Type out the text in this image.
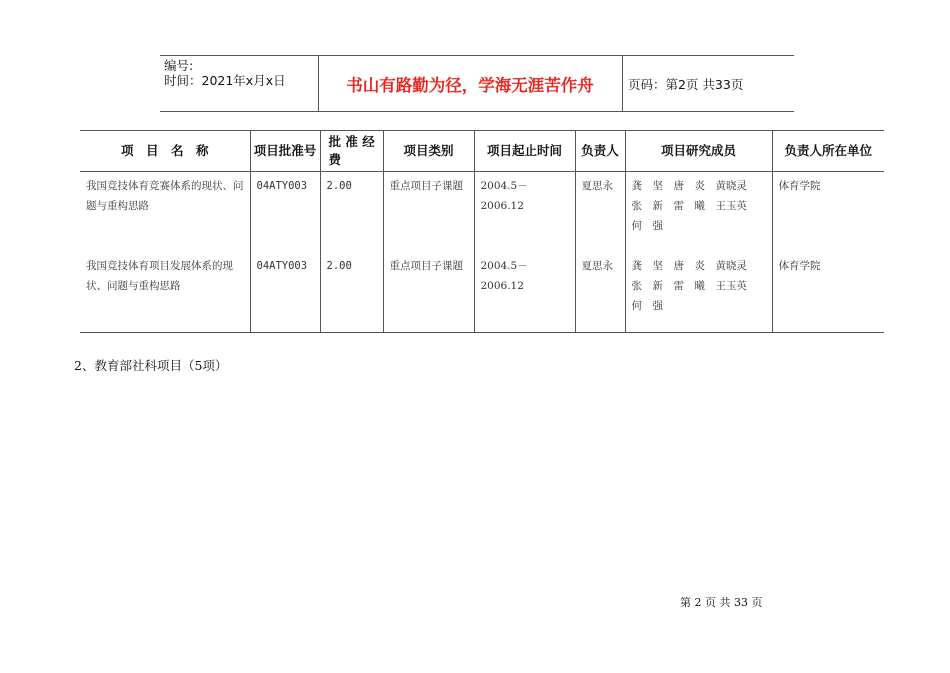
编号:
时间：2021年x月x日	书山有路勤为径，学海无涯苦作舟	页码：第2页 共33页
项　目　名　称	项目批准号	批 准 经费	项目类别	项目起止时间	负责人	项目研究成员	负责人所在单位
我国竞技体育竞赛体系的现状、问题与重构思路	04ATY003	2.00	重点项目子课题	2004.5－2006.12	夏思永	龚　坚　唐　炎　黄晓灵
张　新　雷　曦　王玉英
何　强	体育学院
我国竞技体育项目发展体系的现状、问题与重构思路	04ATY003	2.00	重点项目子课题	2004.5－2006.12	夏思永	龚　坚　唐　炎　黄晓灵
张　新　雷　曦　王玉英
何　强	体育学院
2、教育部社科项目（5项）
第 2 页 共 33 页
